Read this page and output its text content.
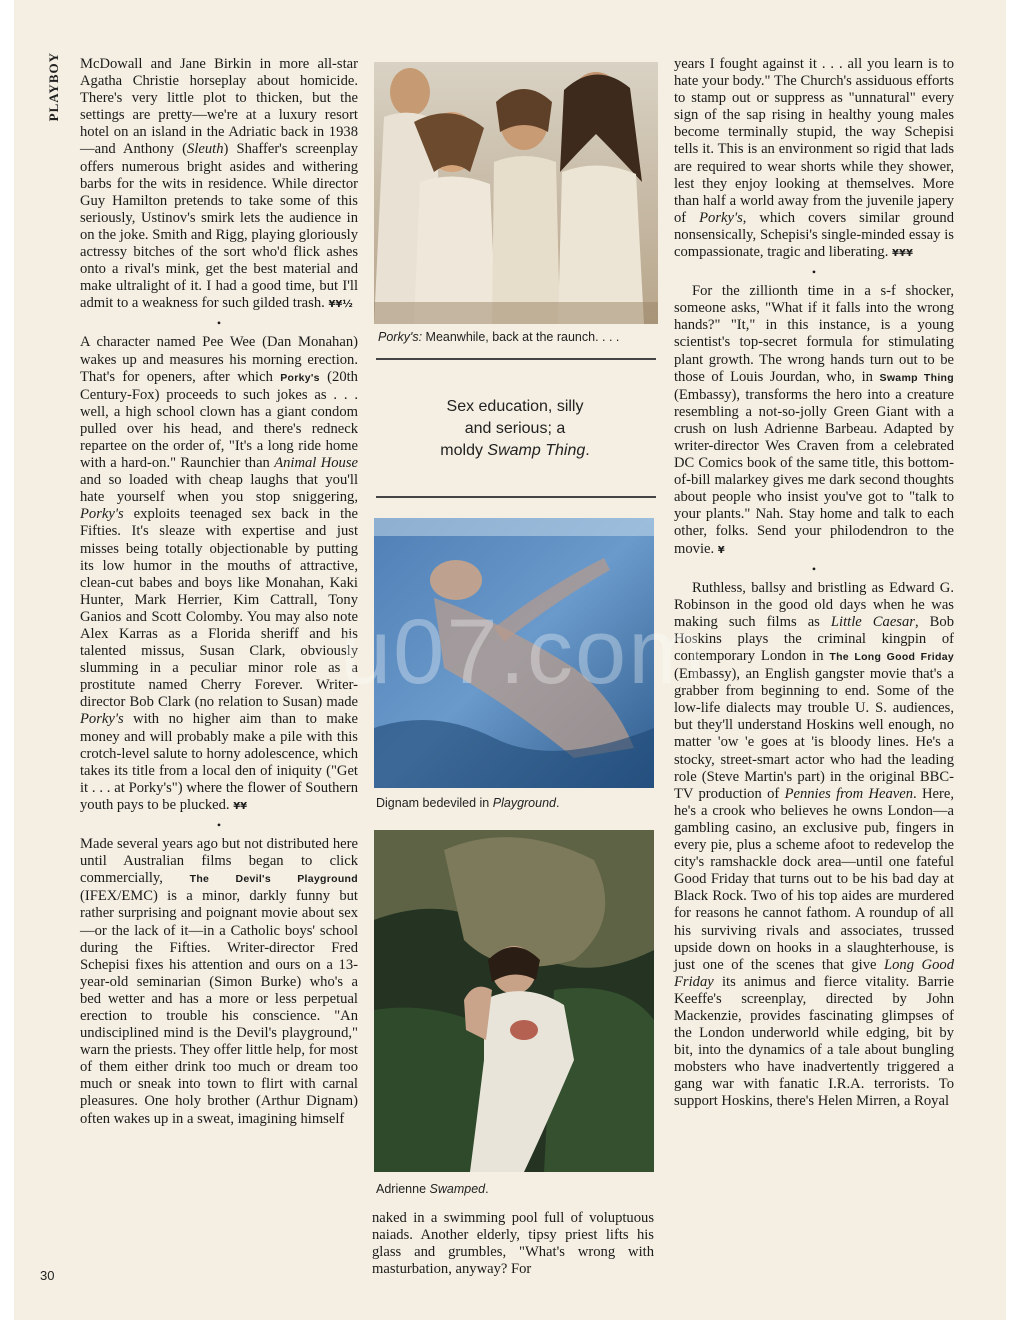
PLAYBOY
30

McDowall and Jane Birkin in more all-star Agatha Christie horseplay about homicide. There's very little plot to thicken, but the settings are pretty—we're at a luxury resort hotel on an island in the Adriatic back in 1938—and Anthony (Sleuth) Shaffer's screenplay offers numerous bright asides and withering barbs for the wits in residence. While director Guy Hamilton pretends to take some of this seriously, Ustinov's smirk lets the audience in on the joke. Smith and Rigg, playing gloriously actressy bitches of the sort who'd flick ashes onto a rival's mink, get the best material and make ultralight of it. I had a good time, but I'll admit to a weakness for such gilded trash. ¥¥½

•

A character named Pee Wee (Dan Monahan) wakes up and measures his morning erection. That's for openers, after which Porky's (20th Century-Fox) proceeds to such jokes as . . . well, a high school clown has a giant condom pulled over his head, and there's redneck repartee on the order of, "It's a long ride home with a hard-on." Raunchier than Animal House and so loaded with cheap laughs that you'll hate yourself when you stop sniggering, Porky's exploits teenaged sex back in the Fifties. It's sleaze with expertise and just misses being totally objectionable by putting its low humor in the mouths of attractive, clean-cut babes and boys like Monahan, Kaki Hunter, Mark Herrier, Kim Cattrall, Tony Ganios and Scott Colomby. You may also note Alex Karras as a Florida sheriff and his talented missus, Susan Clark, obviously slumming in a peculiar minor role as a prostitute named Cherry Forever. Writer-director Bob Clark (no relation to Susan) made Porky's with no higher aim than to make money and will probably make a pile with this crotch-level salute to horny adolescence, which takes its title from a local den of iniquity ("Get it . . . at Porky's") where the flower of Southern youth pays to be plucked. ¥¥

•

Made several years ago but not distributed here until Australian films began to click commercially, The Devil's Playground (IFEX/EMC) is a minor, darkly funny but rather surprising and poignant movie about sex—or the lack of it—in a Catholic boys' school during the Fifties. Writer-director Fred Schepisi fixes his attention and ours on a 13-year-old seminarian (Simon Burke) who's a bed wetter and has a more or less perpetual erection to trouble his conscience. "An undisciplined mind is the Devil's playground," warn the priests. They offer little help, for most of them either drink too much or dream too much or sneak into town to flirt with carnal pleasures. One holy brother (Arthur Dignam) often wakes up in a sweat, imagining himself

Porky's: Meanwhile, back at the raunch. . . .
Sex education, silly
and serious; a
moldy Swamp Thing.
Dignam bedeviled in Playground.
Adrienne Swamped.

naked in a swimming pool full of voluptuous naiads. Another elderly, tipsy priest lifts his glass and grumbles, "What's wrong with masturbation, anyway? For

years I fought against it . . . all you learn is to hate your body." The Church's assiduous efforts to stamp out or suppress as "unnatural" every sign of the sap rising in healthy young males become terminally stupid, the way Schepisi tells it. This is an environment so rigid that lads are required to wear shorts while they shower, lest they enjoy looking at themselves. More than half a world away from the juvenile japery of Porky's, which covers similar ground nonsensically, Schepisi's single-minded essay is compassionate, tragic and liberating. ¥¥¥

•

For the zillionth time in a s-f shocker, someone asks, "What if it falls into the wrong hands?" "It," in this instance, is a young scientist's top-secret formula for stimulating plant growth. The wrong hands turn out to be those of Louis Jourdan, who, in Swamp Thing (Embassy), transforms the hero into a creature resembling a not-so-jolly Green Giant with a crush on lush Adrienne Barbeau. Adapted by writer-director Wes Craven from a celebrated DC Comics book of the same title, this bottom-of-bill malarkey gives me dark second thoughts about people who insist you've got to "talk to your plants." Nah. Stay home and talk to each other, folks. Send your philodendron to the movie. ¥

•

Ruthless, ballsy and bristling as Edward G. Robinson in the good old days when he was making such films as Little Caesar, Bob Hoskins plays the criminal kingpin of contemporary London in The Long Good Friday (Embassy), an English gangster movie that's a grabber from beginning to end. Some of the low-life dialects may trouble U. S. audiences, but they'll understand Hoskins well enough, no matter 'ow 'e goes at 'is bloody lines. He's a stocky, street-smart actor who had the leading role (Steve Martin's part) in the original BBC-TV production of Pennies from Heaven. Here, he's a crook who believes he owns London—a gambling casino, an exclusive pub, fingers in every pie, plus a scheme afoot to redevelop the city's ramshackle dock area—until one fateful Good Friday that turns out to be his bad day at Black Rock. Two of his top aides are murdered for reasons he cannot fathom. A roundup of all his surviving rivals and associates, trussed upside down on hooks in a slaughterhouse, is just one of the scenes that give Long Good Friday its animus and fierce vitality. Barrie Keeffe's screenplay, directed by John Mackenzie, provides fascinating glimpses of the London underworld while edging, bit by bit, into the dynamics of a tale about bungling mobsters who have inadvertently triggered a gang war with fanatic I.R.A. terrorists. To support Hoskins, there's Helen Mirren, a Royal

u07.com
